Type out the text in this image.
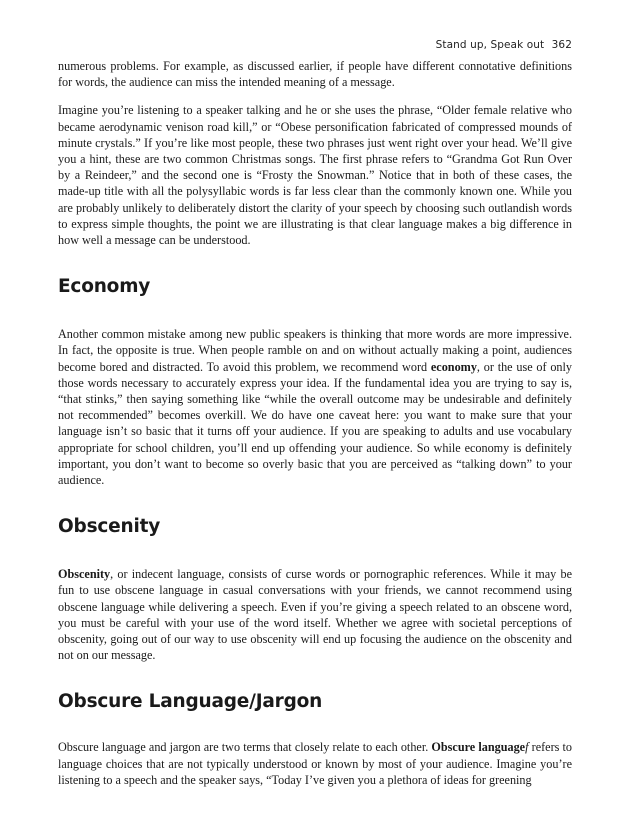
Stand up, Speak out 362

numerous problems. For example, as discussed earlier, if people have different connotative definitions for words, the audience can miss the intended meaning of a message.

Imagine you’re listening to a speaker talking and he or she uses the phrase, “Older female relative who became aerodynamic venison road kill,” or “Obese personification fabricated of compressed mounds of minute crystals.” If you’re like most people, these two phrases just went right over your head. We’ll give you a hint, these are two common Christmas songs. The first phrase refers to “Grandma Got Run Over by a Reindeer,” and the second one is “Frosty the Snowman.” Notice that in both of these cases, the made-up title with all the polysyllabic words is far less clear than the commonly known one. While you are probably unlikely to deliberately distort the clarity of your speech by choosing such outlandish words to express simple thoughts, the point we are illustrating is that clear language makes a big difference in how well a message can be understood.

Economy

Another common mistake among new public speakers is thinking that more words are more impressive. In fact, the opposite is true. When people ramble on and on without actually making a point, audiences become bored and distracted. To avoid this problem, we recommend word economy, or the use of only those words necessary to accurately express your idea. If the fundamental idea you are trying to say is, “that stinks,” then saying something like “while the overall outcome may be undesirable and definitely not recommended” becomes overkill. We do have one caveat here: you want to make sure that your language isn’t so basic that it turns off your audience. If you are speaking to adults and use vocabulary appropriate for school children, you’ll end up offending your audience. So while economy is definitely important, you don’t want to become so overly basic that you are perceived as “talking down” to your audience.

Obscenity

Obscenity, or indecent language, consists of curse words or pornographic references. While it may be fun to use obscene language in casual conversations with your friends, we cannot recommend using obscene language while delivering a speech. Even if you’re giving a speech related to an obscene word, you must be careful with your use of the word itself. Whether we agree with societal perceptions of obscenity, going out of our way to use obscenity will end up focusing the audience on the obscenity and not on our message.

Obscure Language/Jargon

Obscure language and jargon are two terms that closely relate to each other. Obscure languagef refers to language choices that are not typically understood or known by most of your audience. Imagine you’re listening to a speech and the speaker says, “Today I’ve given you a plethora of ideas for greening
